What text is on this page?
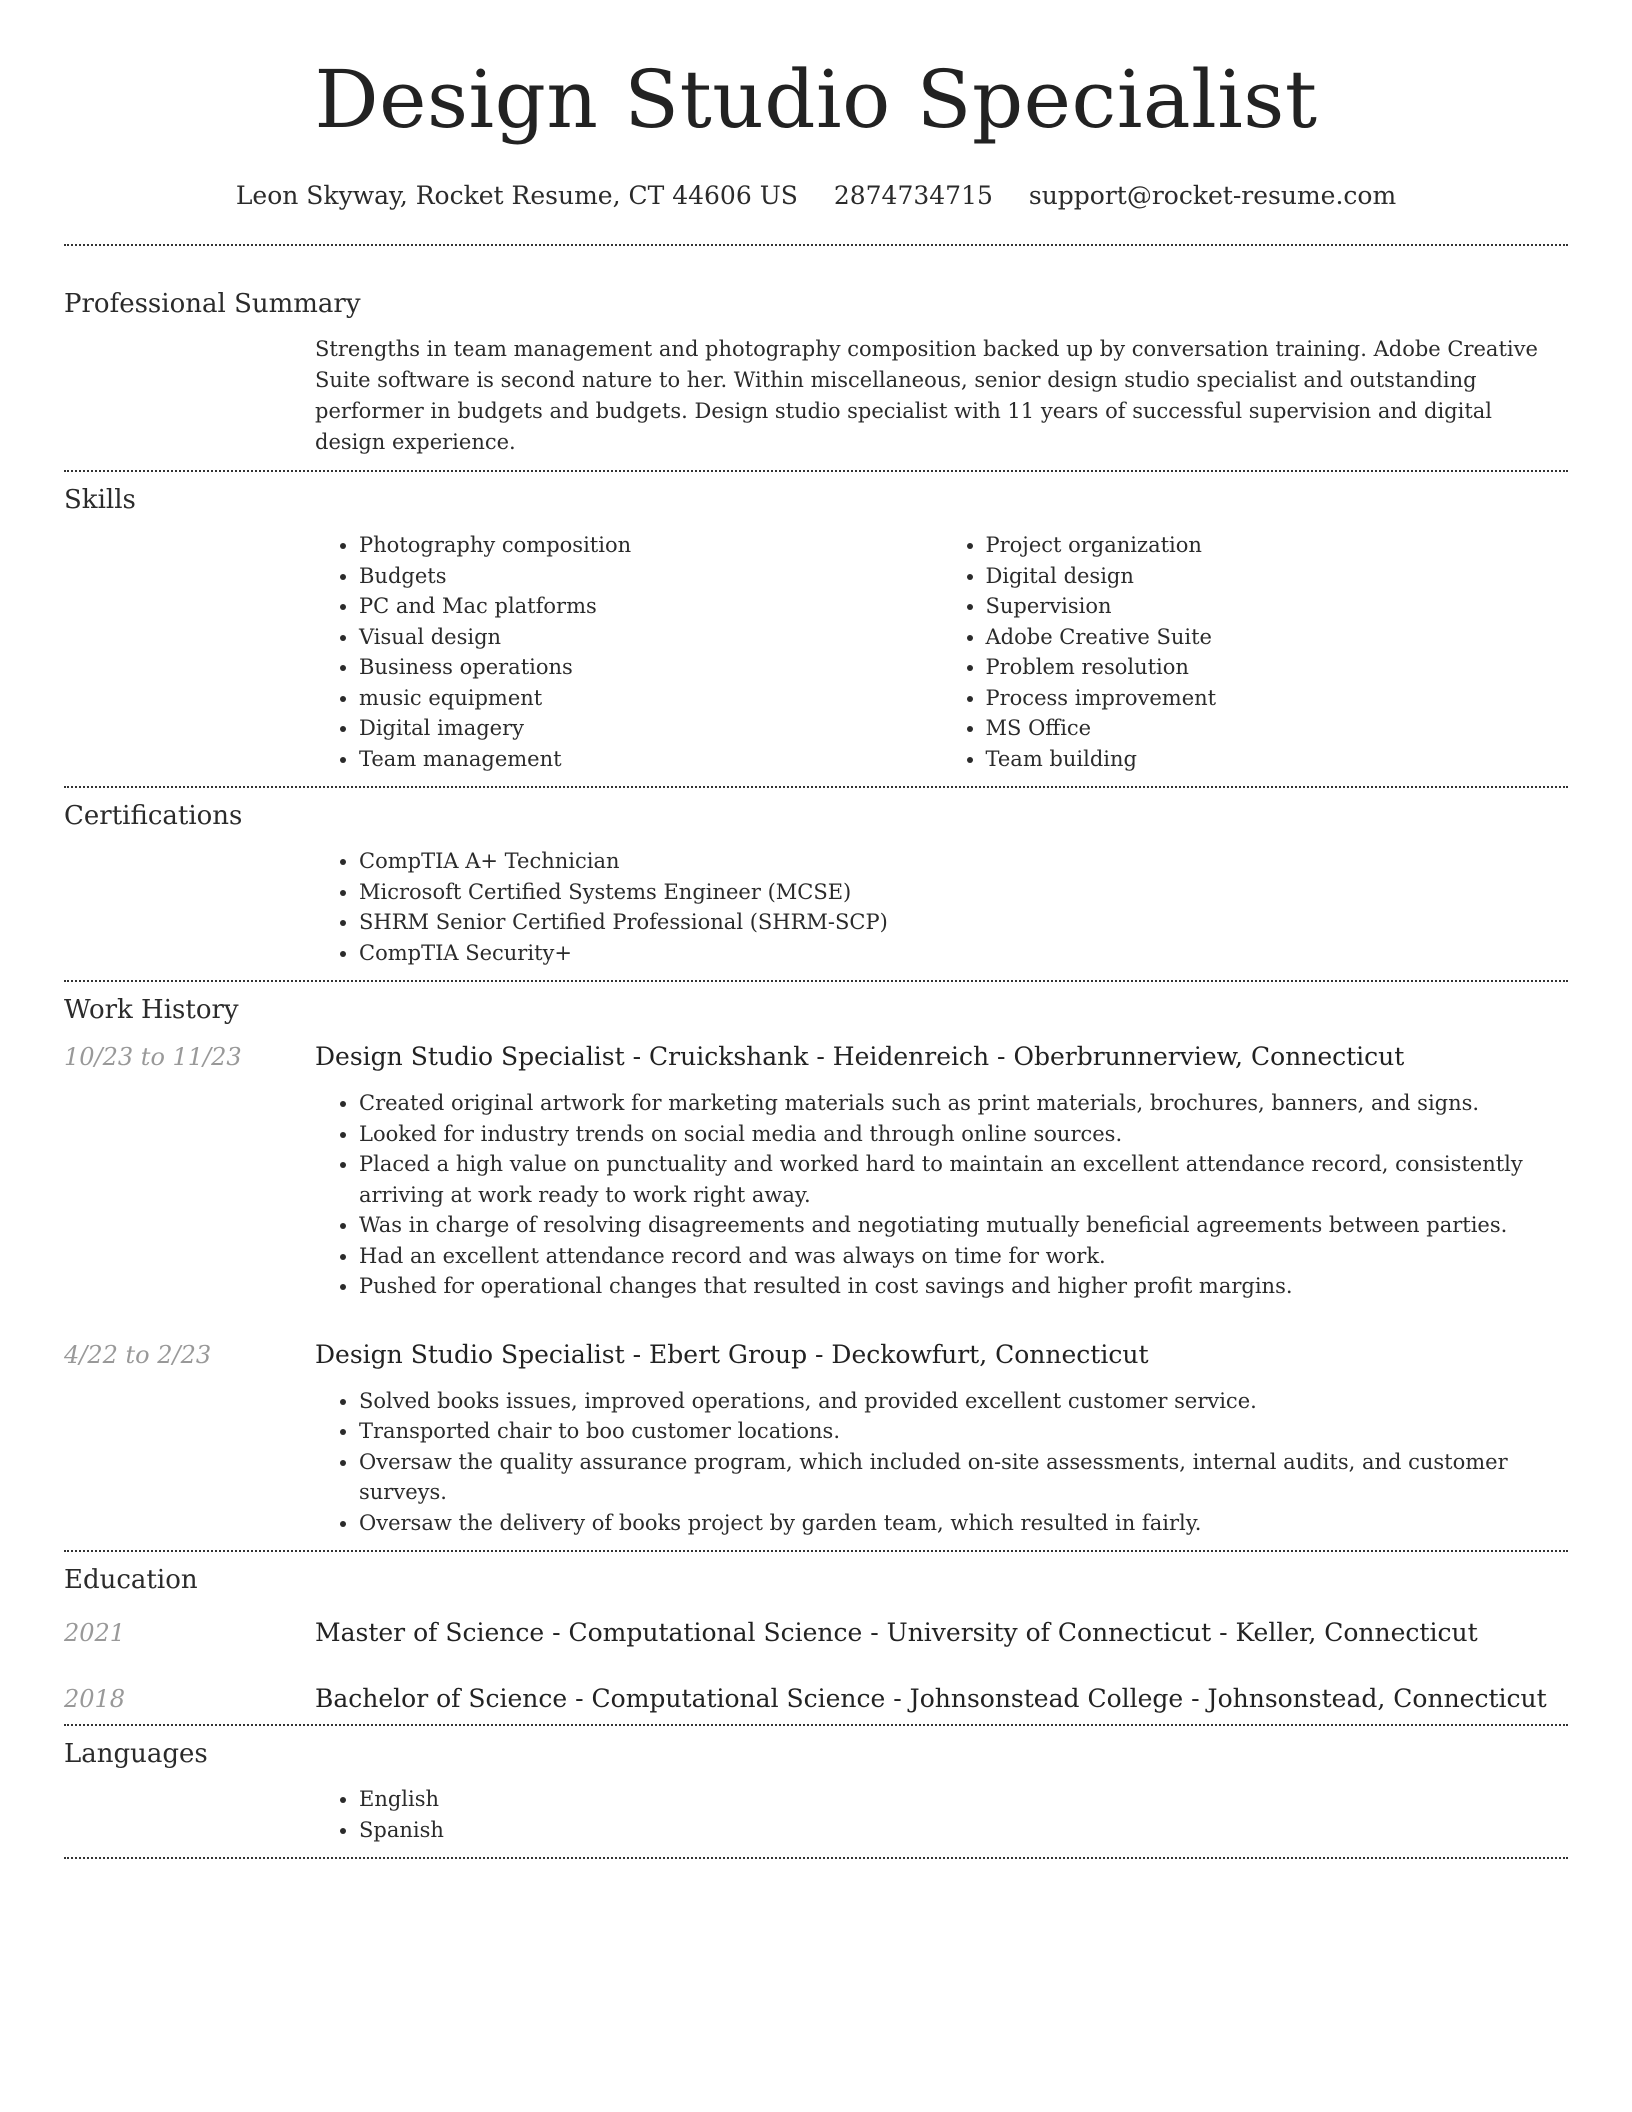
Design Studio Specialist
Leon Skyway, Rocket Resume, CT 44606 US 2874734715 support@rocket-resume.com
Professional Summary

Strengths in team management and photography composition backed up by conversation training. Adobe Creative Suite software is second nature to her. Within miscellaneous, senior design studio specialist and outstanding performer in budgets and budgets. Design studio specialist with 11 years of successful supervision and digital design experience.

Skills
• Photography composition
• Budgets
• PC and Mac platforms
• Visual design
• Business operations
• music equipment
• Digital imagery
• Team management
• Project organization
• Digital design
• Supervision
• Adobe Creative Suite
• Problem resolution
• Process improvement
• MS Office
• Team building
Certifications
• CompTIA A+ Technician
• Microsoft Certified Systems Engineer (MCSE)
• SHRM Senior Certified Professional (SHRM-SCP)
• CompTIA Security+
Work History
10/23 to 11/23	Design Studio Specialist - Cruickshank - Heidenreich - Oberbrunnerview, Connecticut
• Created original artwork for marketing materials such as print materials, brochures, banners, and signs.
• Looked for industry trends on social media and through online sources.
• Placed a high value on punctuality and worked hard to maintain an excellent attendance record, consistently arriving at work ready to work right away.
• Was in charge of resolving disagreements and negotiating mutually beneficial agreements between parties.
• Had an excellent attendance record and was always on time for work.
• Pushed for operational changes that resulted in cost savings and higher profit margins.
4/22 to 2/23	Design Studio Specialist - Ebert Group - Deckowfurt, Connecticut
• Solved books issues, improved operations, and provided excellent customer service.
• Transported chair to boo customer locations.
• Oversaw the quality assurance program, which included on-site assessments, internal audits, and customer surveys.
• Oversaw the delivery of books project by garden team, which resulted in fairly.
Education
2021	Master of Science - Computational Science - University of Connecticut - Keller, Connecticut
2018	Bachelor of Science - Computational Science - Johnsonstead College - Johnsonstead, Connecticut
Languages
• English
• Spanish
